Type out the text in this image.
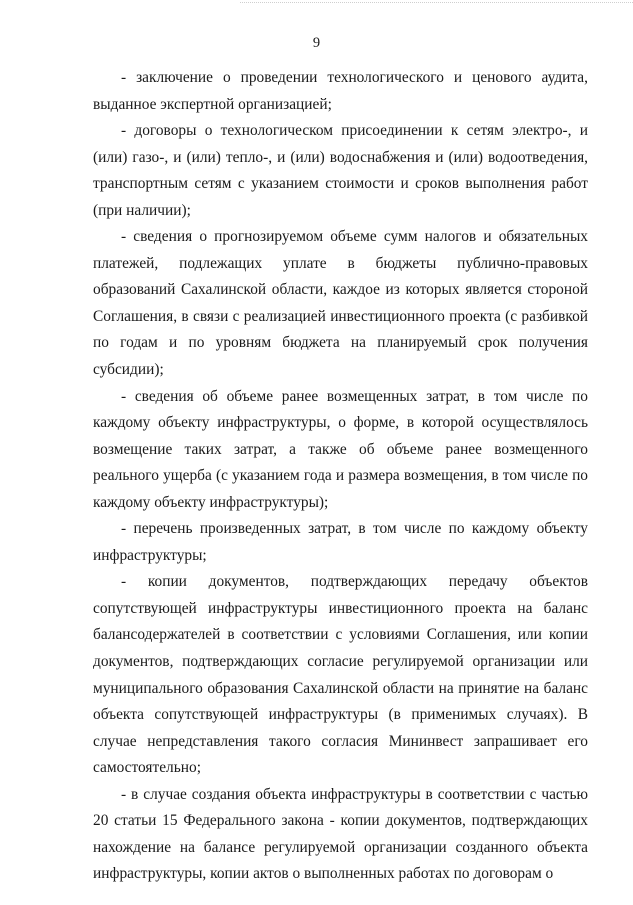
9

- заключение о проведении технологического и ценового аудита, выданное экспертной организацией;

- договоры о технологическом присоединении к сетям электро-, и (или) газо-, и (или) тепло-, и (или) водоснабжения и (или) водоотведения, транспортным сетям с указанием стоимости и сроков выполнения работ (при наличии);

- сведения о прогнозируемом объеме сумм налогов и обязательных платежей, подлежащих уплате в бюджеты публично-правовых образований Сахалинской области, каждое из которых является стороной Соглашения, в связи с реализацией инвестиционного проекта (с разбивкой по годам и по уровням бюджета на планируемый срок получения субсидии);

- сведения об объеме ранее возмещенных затрат, в том числе по каждому объекту инфраструктуры, о форме, в которой осуществлялось возмещение таких затрат, а также об объеме ранее возмещенного реального ущерба (с указанием года и размера возмещения, в том числе по каждому объекту инфраструктуры);

- перечень произведенных затрат, в том числе по каждому объекту инфраструктуры;

- копии документов, подтверждающих передачу объектов сопутствующей инфраструктуры инвестиционного проекта на баланс балансодержателей в соответствии с условиями Соглашения, или копии документов, подтверждающих согласие регулируемой организации или муниципального образования Сахалинской области на принятие на баланс объекта сопутствующей инфраструктуры (в применимых случаях). В случае непредставления такого согласия Мининвест запрашивает его самостоятельно;

- в случае создания объекта инфраструктуры в соответствии с частью 20 статьи 15 Федерального закона - копии документов, подтверждающих нахождение на балансе регулируемой организации созданного объекта инфраструктуры, копии актов о выполненных работах по договорам о
